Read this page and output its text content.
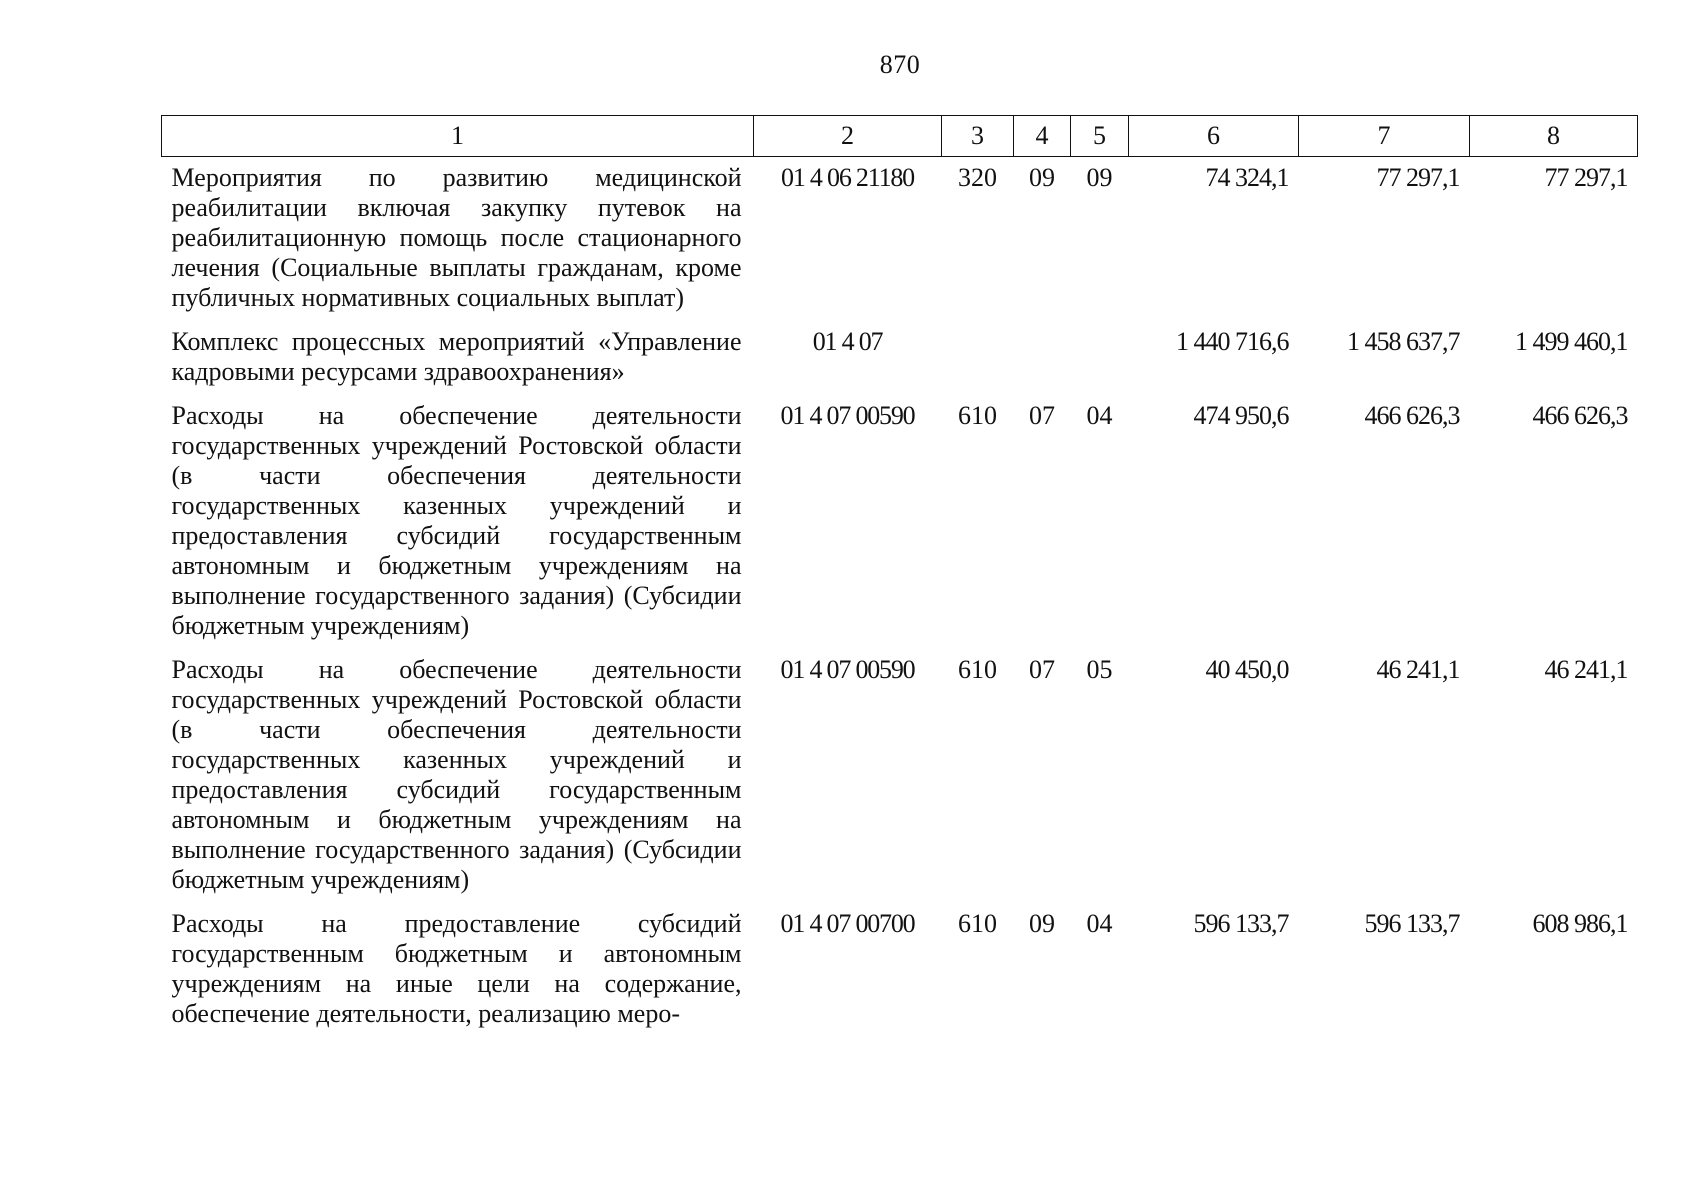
870
1	2	3	4	5	6	7	8
Мероприятия по развитию медицинской реабилитации включая закупку путевок на реабилитационную помощь после стационарного лечения (Социальные выплаты гражданам, кроме публичных нормативных социальных выплат)	01 4 06 21180	320	09	09	74 324,1	77 297,1	77 297,1
Комплекс процессных мероприятий «Управление кадровыми ресурсами здравоохранения»	01 4 07				1 440 716,6	1 458 637,7	1 499 460,1
Расходы на обеспечение деятельности государственных учреждений Ростовской области (в части обеспечения деятельности государственных казенных учреждений и предоставления субсидий государственным автономным и бюджетным учреждениям на выполнение государственного задания) (Субсидии бюджетным учреждениям)	01 4 07 00590	610	07	04	474 950,6	466 626,3	466 626,3
Расходы на обеспечение деятельности государственных учреждений Ростовской области (в части обеспечения деятельности государственных казенных учреждений и предоставления субсидий государственным автономным и бюджетным учреждениям на выполнение государственного задания) (Субсидии бюджетным учреждениям)	01 4 07 00590	610	07	05	40 450,0	46 241,1	46 241,1
Расходы на предоставление субсидий государственным бюджетным и автономным учреждениям на иные цели на содержание, обеспечение деятельности, реализацию меро-	01 4 07 00700	610	09	04	596 133,7	596 133,7	608 986,1
